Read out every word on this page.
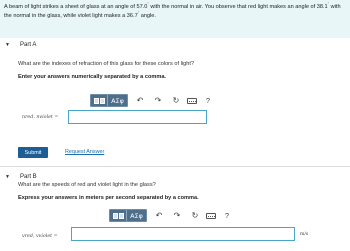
A beam of light strikes a sheet of glass at an angle of 57.0° with the normal in air. You observe that red light makes an angle of 38.1° with the normal in the glass, while violet light makes a 36.7° angle.
▼	Part A
What are the indexes of refraction of this glass for these colors of light?
Enter your answers numerically separated by a comma.
ΑΣφ	↶	↷	↻	?
nred, nviolet =
Submit	Request Answer
▼	Part B
What are the speeds of red and violet light in the glass?
Express your answers in meters per second separated by a comma.
ΑΣφ	↶	↷	↻	?
vred, vviolet =	m/s
